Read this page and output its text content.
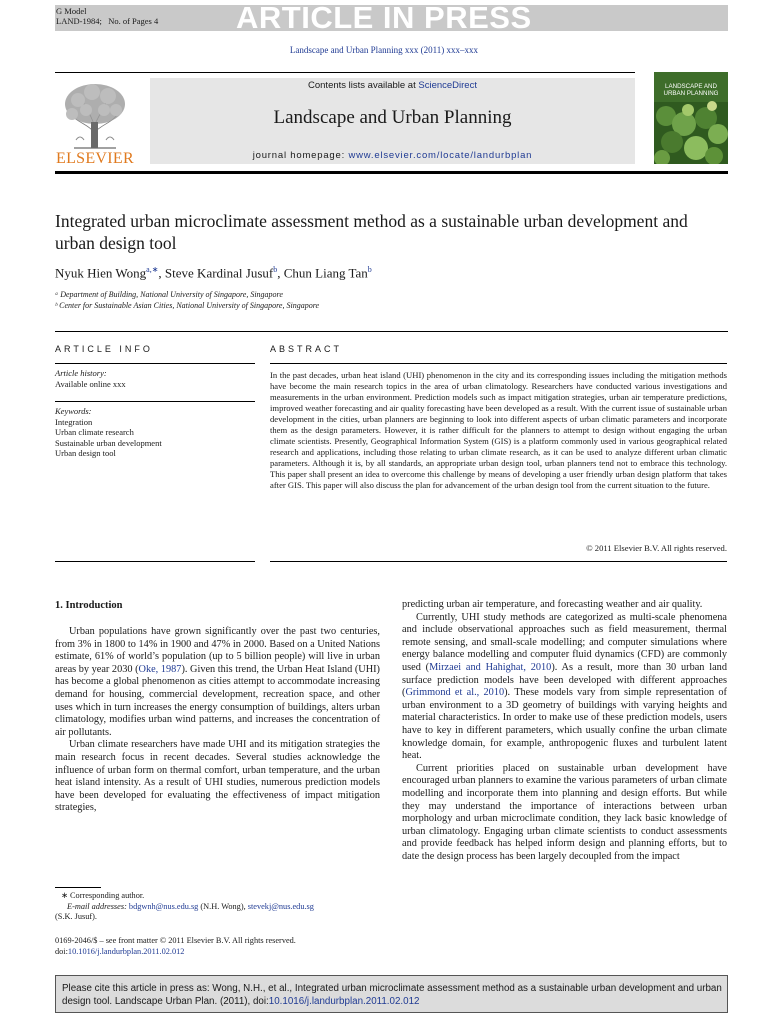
G Model
LAND-1984; No. of Pages 4	ARTICLE IN PRESS
Landscape and Urban Planning xxx (2011) xxx–xxx
ELSEVIER
Contents lists available at ScienceDirect
Landscape and Urban Planning
journal homepage: www.elsevier.com/locate/landurbplan
LANDSCAPE AND
URBAN PLANNING
Integrated urban microclimate assessment method as a sustainable urban development and urban design tool
Nyuk Hien Wong$^{a,∗}$, Steve Kardinal Jusuf$^b$, Chun Liang Tan$^b$
ᵃ Department of Building, National University of Singapore, Singapore
ᵇ Center for Sustainable Asian Cities, National University of Singapore, Singapore
ARTICLE INFO	ABSTRACT
Article history:
Available online xxx
Keywords:
Integration
Urban climate research
Sustainable urban development
Urban design tool
In the past decades, urban heat island (UHI) phenomenon in the city and its corresponding issues including the mitigation methods have become the main research topics in the area of urban climatology. Researchers have conducted various investigations and measurements in the urban environment. Prediction models such as impact mitigation strategies, urban air temperature predictions, improved weather forecasting and air quality forecasting have been developed as a result. With the current issue of sustainable urban development in the cities, urban planners are beginning to look into different aspects of urban climatic parameters and incorporate them as the design parameters. However, it is rather difficult for the planners to attempt to design without engaging the urban climate scientists. Presently, Geographical Information System (GIS) is a platform commonly used in various geographical related research and applications, including those relating to urban climate research, as it can be used to analyze different urban climatic parameters. Although it is, by all standards, an appropriate urban design tool, urban planners tend not to embrace this technology. This paper shall present an idea to overcome this challenge by means of developing a user friendly urban design platform that takes after GIS. This paper will also discuss the plan for advancement of the urban design tool from the current situation to the future.
© 2011 Elsevier B.V. All rights reserved.
1. Introduction

Urban populations have grown significantly over the past two centuries, from 3% in 1800 to 14% in 1900 and 47% in 2000. Based on a United Nations estimate, 61% of world’s population (up to 5 billion people) will live in urban areas by year 2030 (Oke, 1987). Given this trend, the Urban Heat Island (UHI) has become a global phenomenon as cities attempt to accommodate increasing demand for housing, commercial development, recreation space, and other uses which in turn increases the energy consumption of buildings, alters urban climatology, modifies urban wind patterns, and increases the concentration of air pollutants.

Urban climate researchers have made UHI and its mitigation strategies the main research focus in recent decades. Several studies acknowledge the influence of urban form on thermal comfort, urban temperature, and the urban heat island intensity. As a result of UHI studies, numerous prediction models have been developed for evaluating the effectiveness of impact mitigation strategies,

predicting urban air temperature, and forecasting weather and air quality.

Currently, UHI study methods are categorized as multi-scale phenomena and include observational approaches such as field measurement, thermal remote sensing, and small-scale modelling; and computer simulations where energy balance modelling and computer fluid dynamics (CFD) are commonly used (Mirzaei and Hahighat, 2010). As a result, more than 30 urban land surface prediction models have been developed with different approaches (Grimmond et al., 2010). These models vary from simple representation of urban environment to a 3D geometry of buildings with varying heights and material characteristics. In order to make use of these prediction models, users have to key in different parameters, which usually confine the urban climate knowledge domain, for example, anthropogenic fluxes and turbulent latent heat.

Current priorities placed on sustainable urban development have encouraged urban planners to examine the various parameters of urban climate modelling and incorporate them into planning and design efforts. But while they may understand the importance of interactions between urban morphology and urban microclimate condition, they lack basic knowledge of urban climatology. Engaging urban climate scientists to conduct assessments and provide feedback has helped inform design and planning efforts, but to date the design process has been largely decoupled from the impact

∗ Corresponding author.
E-mail addresses: bdgwnh@nus.edu.sg (N.H. Wong), stevekj@nus.edu.sg
(S.K. Jusuf).
0169-2046/$ – see front matter © 2011 Elsevier B.V. All rights reserved.
doi:10.1016/j.landurbplan.2011.02.012
Please cite this article in press as: Wong, N.H., et al., Integrated urban microclimate assessment method as a sustainable urban development and urban design tool. Landscape Urban Plan. (2011), doi:10.1016/j.landurbplan.2011.02.012
